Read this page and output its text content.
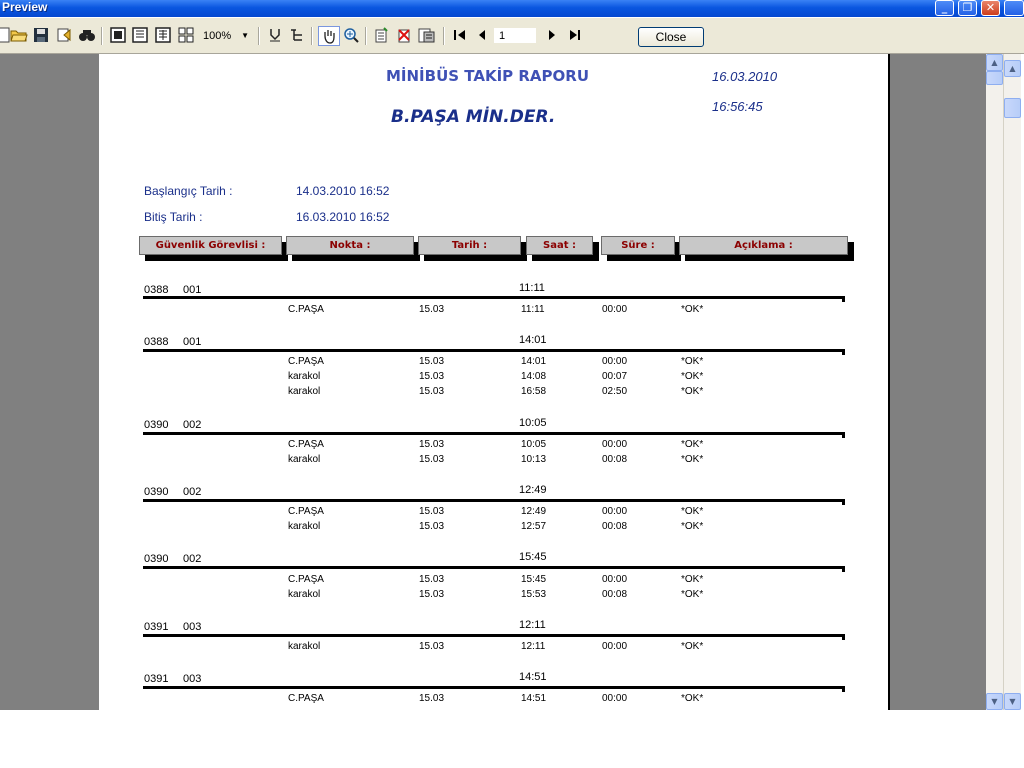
Preview	_	❐	✕
100% ▼	1	Close
MİNİBÜS TAKİP RAPORU
B.PAŞA MİN.DER.
16.03.2010
16:56:45
Başlangıç Tarih :	14.03.2010 16:52
Bitiş Tarih :	16.03.2010 16:52
Güvenlik Görevlisi :	Nokta :	Tarih :	Saat :	Süre :	Açıklama :
0388 001	11:11
C.PAŞA	15.03	11:11	00:00	*OK*
0388 001	14:01
C.PAŞA	15.03	14:01	00:00	*OK*
karakol	15.03	14:08	00:07	*OK*
karakol	15.03	16:58	02:50	*OK*
0390 002	10:05
C.PAŞA	15.03	10:05	00:00	*OK*
karakol	15.03	10:13	00:08	*OK*
0390 002	12:49
C.PAŞA	15.03	12:49	00:00	*OK*
karakol	15.03	12:57	00:08	*OK*
0390 002	15:45
C.PAŞA	15.03	15:45	00:00	*OK*
karakol	15.03	15:53	00:08	*OK*
0391 003	12:11
karakol	15.03	12:11	00:00	*OK*
0391 003	14:51
C.PAŞA	15.03	14:51	00:00	*OK*
▲
▼
▲
▼
